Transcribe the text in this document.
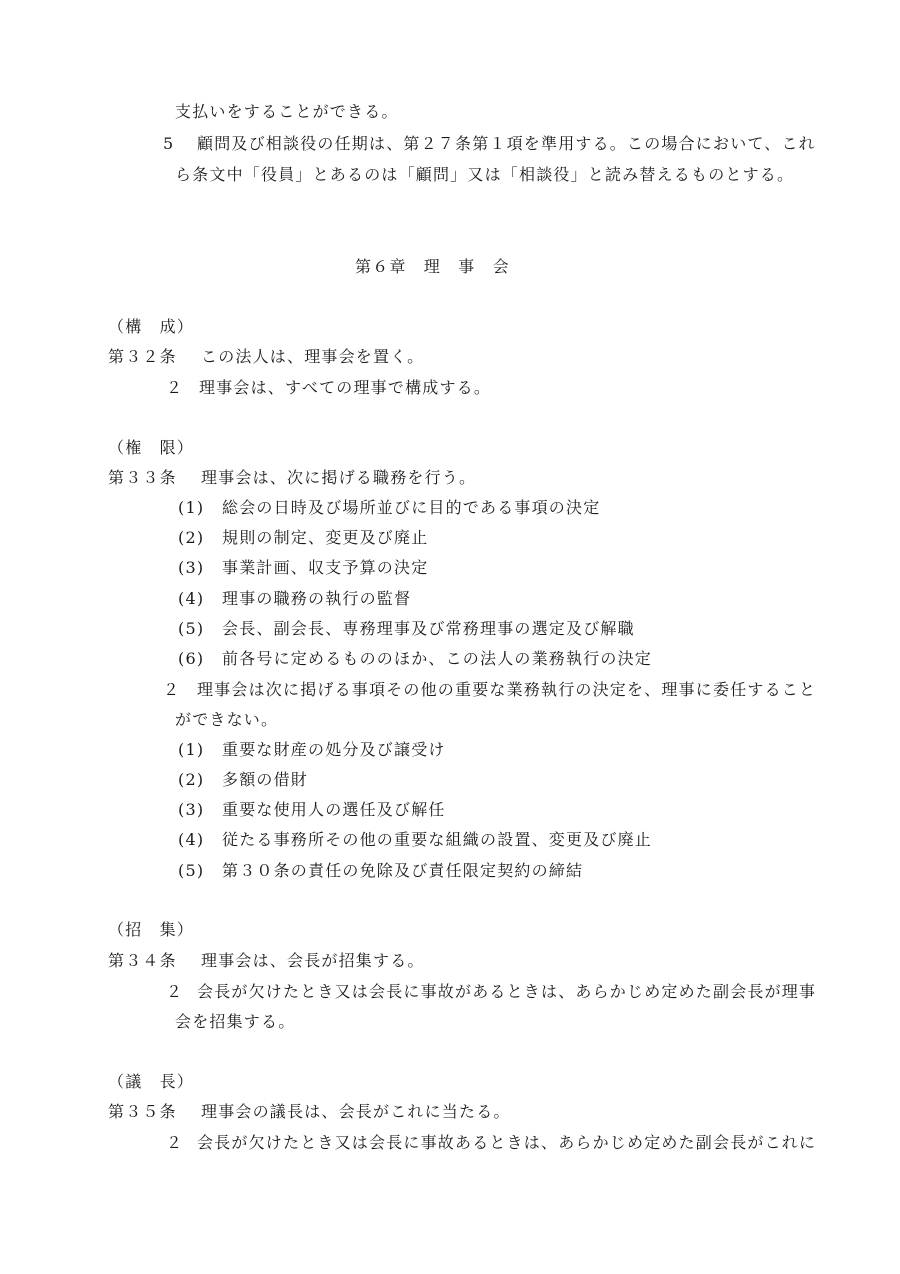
支払いをすることができる。
5 顧問及び相談役の任期は、第２７条第１項を準用する。この場合において、これ
ら条文中「役員」とあるのは「顧問」又は「相談役」と読み替えるものとする。
第６章　理　事　会
（構　成）
第３２条 この法人は、理事会を置く。
２ 理事会は、すべての理事で構成する。
（権　限）
第３３条 理事会は、次に掲げる職務を行う。
(1) 総会の日時及び場所並びに目的である事項の決定
(2) 規則の制定、変更及び廃止
(3) 事業計画、収支予算の決定
(4) 理事の職務の執行の監督
(5) 会長、副会長、専務理事及び常務理事の選定及び解職
(6) 前各号に定めるもののほか、この法人の業務執行の決定
２ 理事会は次に掲げる事項その他の重要な業務執行の決定を、理事に委任すること
ができない。
(1) 重要な財産の処分及び譲受け
(2) 多額の借財
(3) 重要な使用人の選任及び解任
(4) 従たる事務所その他の重要な組織の設置、変更及び廃止
(5) 第３０条の責任の免除及び責任限定契約の締結
（招　集）
第３４条 理事会は、会長が招集する。
２ 会長が欠けたとき又は会長に事故があるときは、あらかじめ定めた副会長が理事
会を招集する。
（議　長）
第３５条 理事会の議長は、会長がこれに当たる。
２ 会長が欠けたとき又は会長に事故あるときは、あらかじめ定めた副会長がこれに
